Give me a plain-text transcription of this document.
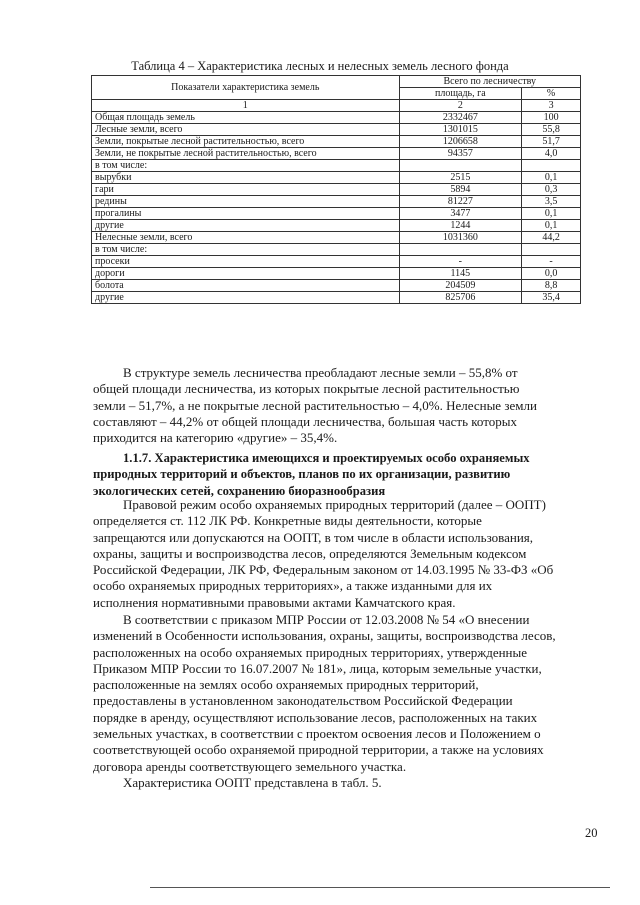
Таблица 4 – Характеристика лесных и нелесных земель лесного фонда
Показатели характеристика земель	Всего по лесничеству	
	площадь, га	%
1	2	3
Общая площадь земель	2332467	100
Лесные земли, всего	1301015	55,8
Земли, покрытые лесной растительностью, всего	1206658	51,7
Земли, не покрытые лесной растительностью, всего	94357	4,0
в том числе:		
вырубки	2515	0,1
гари	5894	0,3
редины	81227	3,5
прогалины	3477	0,1
другие	1244	0,1
Нелесные земли, всего	1031360	44,2
в том числе:		
просеки	-	-
дороги	1145	0,0
болота	204509	8,8
другие	825706	35,4
В структуре земель лесничества преобладают лесные земли – 55,8% от
общей площади лесничества, из которых покрытые лесной растительностью
земли – 51,7%, а не покрытые лесной растительностью – 4,0%. Нелесные земли
составляют – 44,2% от общей площади лесничества, большая часть которых
приходится на категорию «другие» – 35,4%.
1.1.7. Характеристика имеющихся и проектируемых особо охраняемых
природных территорий и объектов, планов по их организации, развитию
экологических сетей, сохранению биоразнообразия
Правовой режим особо охраняемых природных территорий (далее – ООПТ)
определяется ст. 112 ЛК РФ. Конкретные виды деятельности, которые
запрещаются или допускаются на ООПТ, в том числе в области использования,
охраны, защиты и воспроизводства лесов, определяются Земельным кодексом
Российской Федерации, ЛК РФ, Федеральным законом от 14.03.1995 № 33-ФЗ «Об
особо охраняемых природных территориях», а также изданными для их
исполнения нормативными правовыми актами Камчатского края.
В соответствии с приказом МПР России от 12.03.2008 № 54 «О внесении
изменений в Особенности использования, охраны, защиты, воспроизводства лесов,
расположенных на особо охраняемых природных территориях, утвержденные
Приказом МПР России то 16.07.2007 № 181», лица, которым земельные участки,
расположенные на землях особо охраняемых природных территорий,
предоставлены в установленном законодательством Российской Федерации
порядке в аренду, осуществляют использование лесов, расположенных на таких
земельных участках, в соответствии с проектом освоения лесов и Положением о
соответствующей особо охраняемой природной территории, а также на условиях
договора аренды соответствующего земельного участка.
Характеристика ООПТ представлена в табл. 5.
20
